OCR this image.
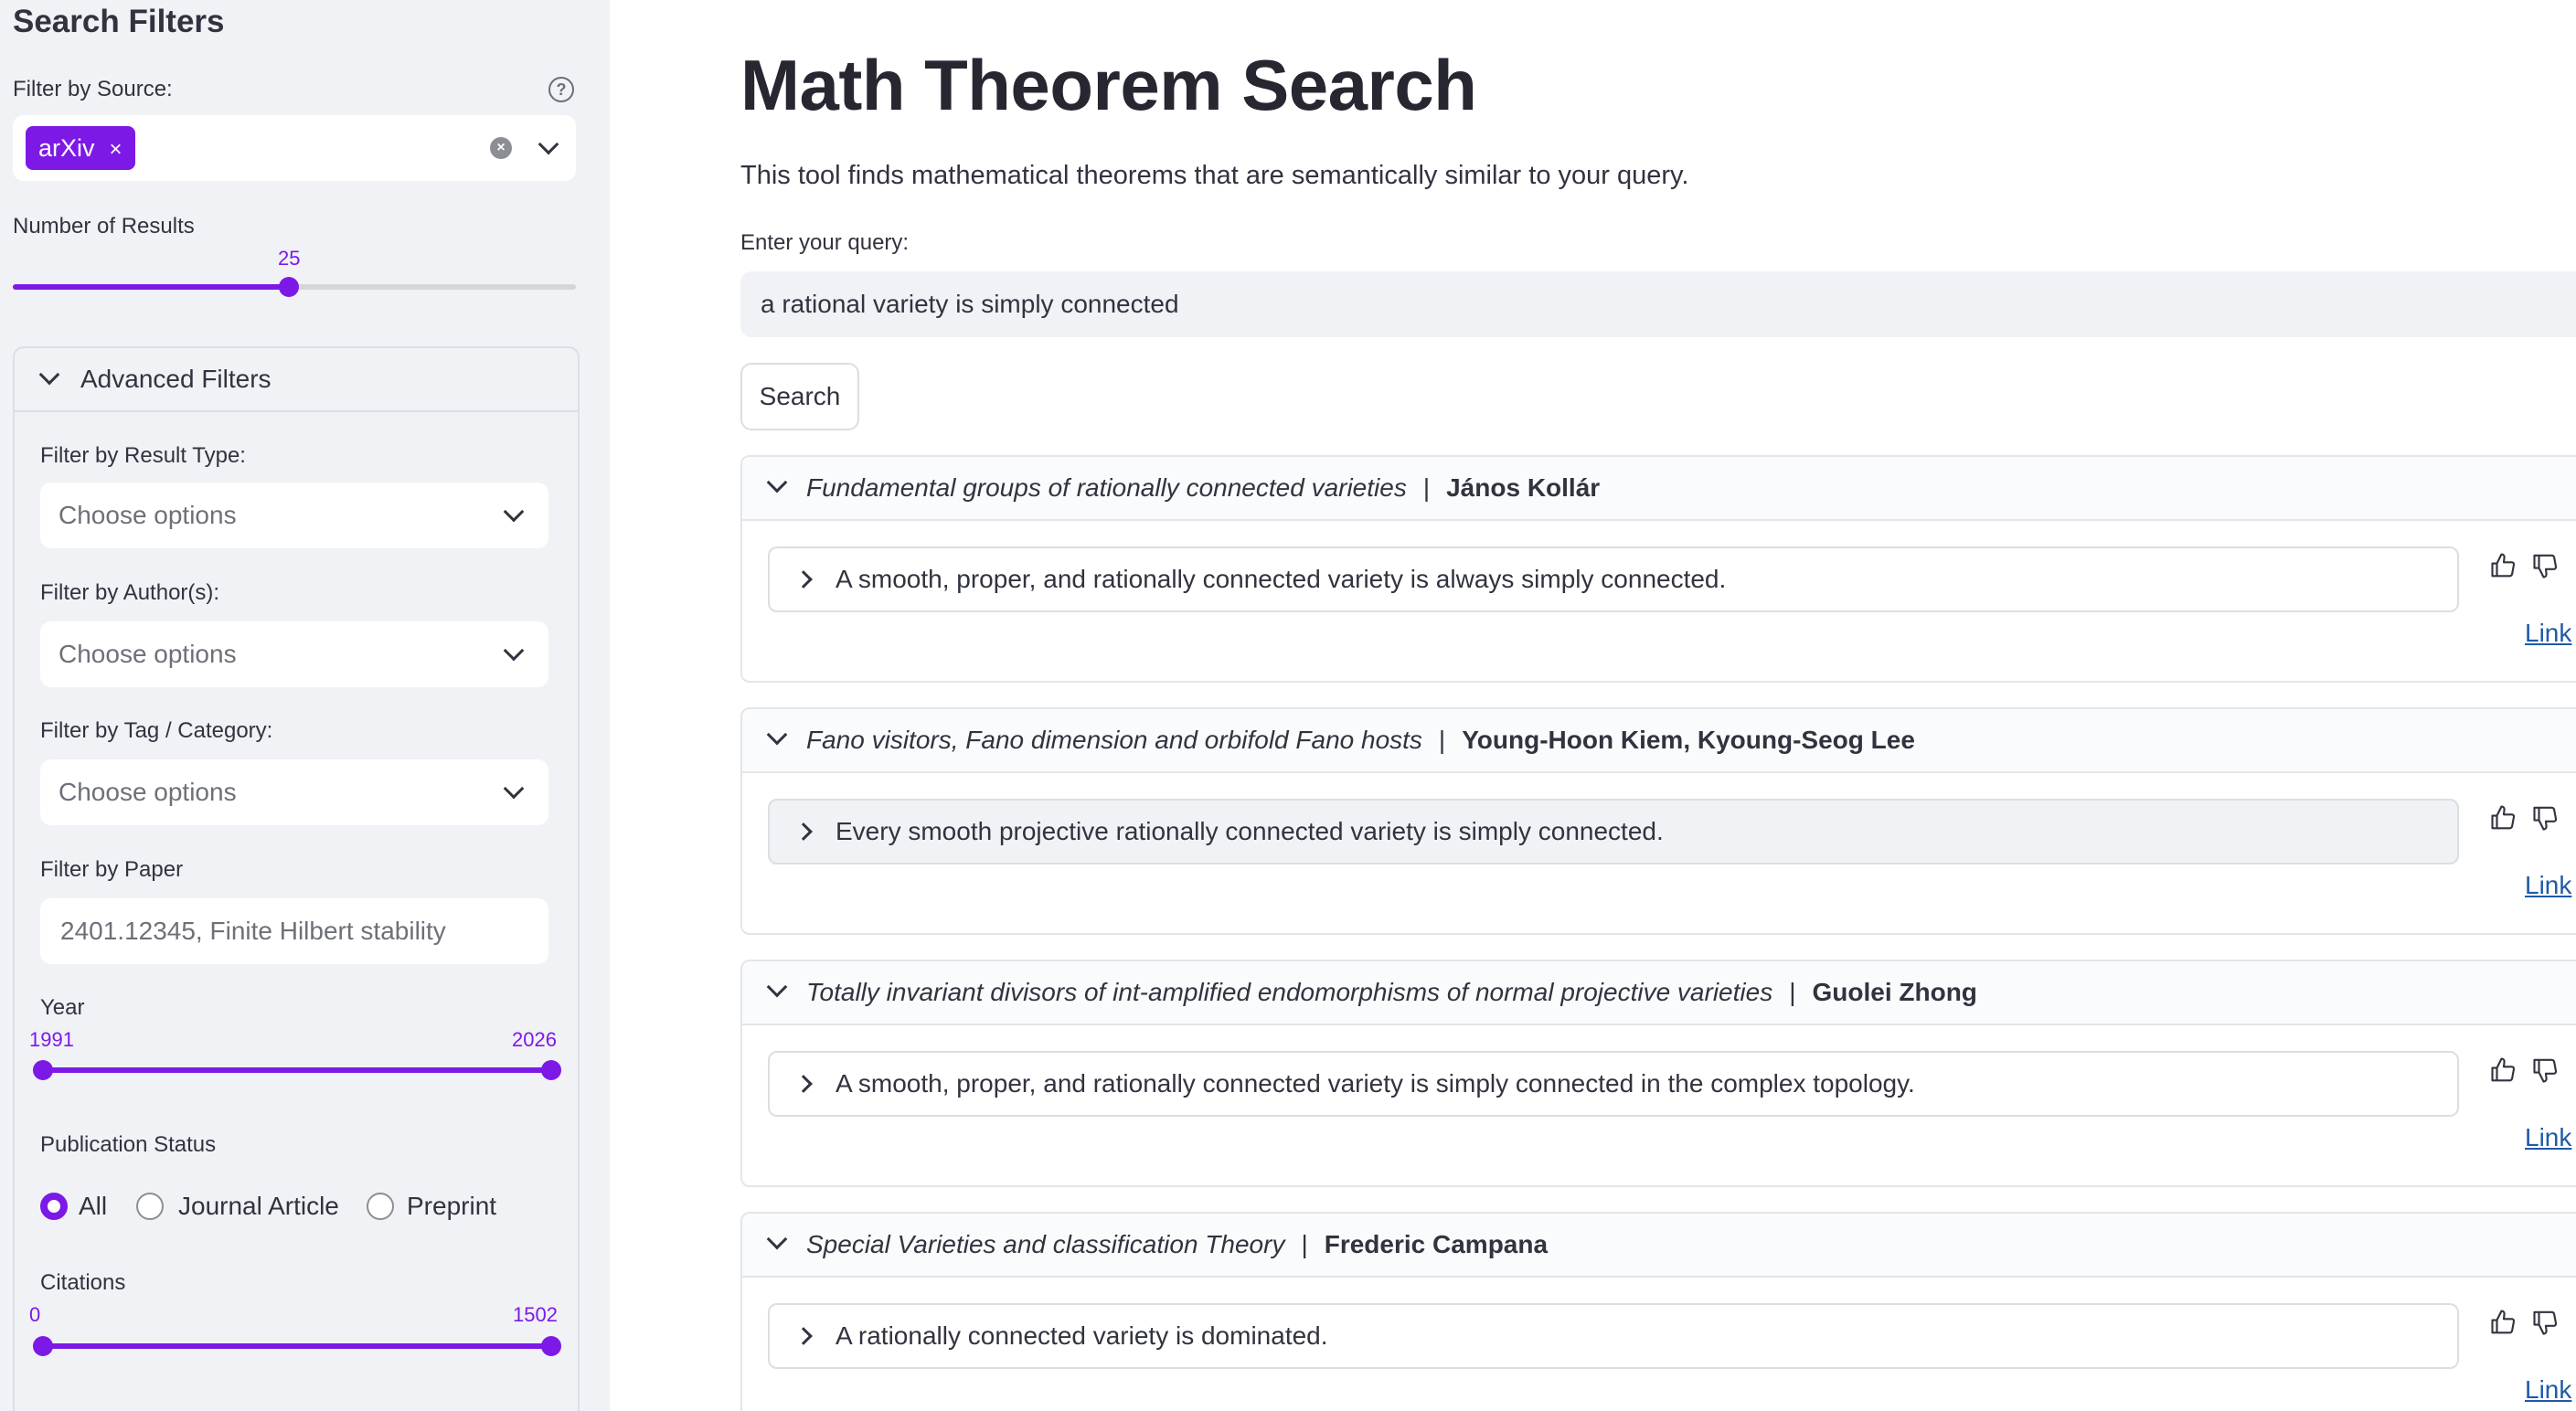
Search Filters
Filter by Source:	?
arXiv ×	×
Number of Results
25
Advanced Filters
Filter by Result Type:
Choose options
Filter by Author(s):
Choose options
Filter by Tag / Category:
Choose options
Filter by Paper
2401.12345, Finite Hilbert stability
Year
1991	2026
Publication Status
All	Journal Article	Preprint
Citations
0	1502
Math Theorem Search
This tool finds mathematical theorems that are semantically similar to your query.
Enter your query:
a rational variety is simply connected
Search
Fundamental groups of rationally connected varieties | János Kollár
A smooth, proper, and rationally connected variety is always simply connected.
Link
Fano visitors, Fano dimension and orbifold Fano hosts | Young-Hoon Kiem, Kyoung-Seog Lee
Every smooth projective rationally connected variety is simply connected.
Link
Totally invariant divisors of int-amplified endomorphisms of normal projective varieties | Guolei Zhong
A smooth, proper, and rationally connected variety is simply connected in the complex topology.
Link
Special Varieties and classification Theory | Frederic Campana
A rationally connected variety is dominated.
Link
